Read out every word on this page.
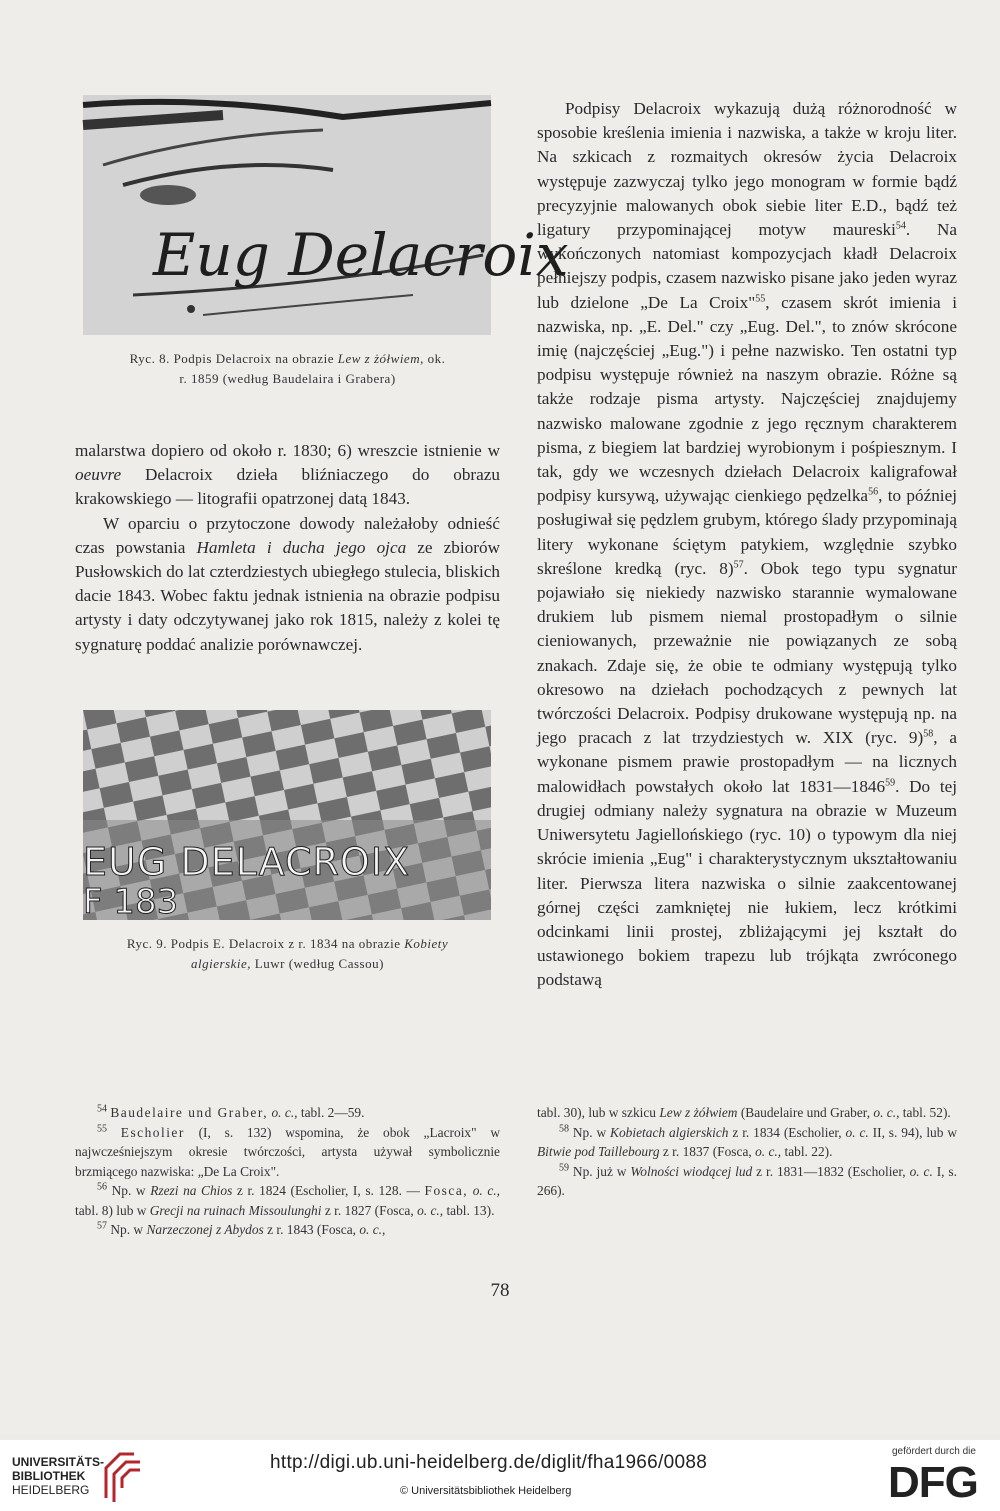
Eug Delacroix
Ryc. 8. Podpis Delacroix na obrazie Lew z żółwiem, ok.
r. 1859 (według Baudelaira i Grabera)

malarstwa dopiero od około r. 1830; 6) wreszcie istnienie w oeuvre Delacroix dzieła bliźniaczego do obrazu krakowskiego — litografii opatrzonej datą 1843.

W oparciu o przytoczone dowody należałoby odnieść czas powstania Hamleta i ducha jego ojca ze zbiorów Pusłowskich do lat czterdziestych ubiegłego stulecia, bliskich dacie 1843. Wobec faktu jednak istnienia na obrazie podpisu artysty i daty odczytywanej jako rok 1815, należy z kolei tę sygnaturę poddać analizie porównawczej.

EUG DELACROIX
F 183
Ryc. 9. Podpis E. Delacroix z r. 1834 na obrazie Kobiety
algierskie, Luwr (według Cassou)

Podpisy Delacroix wykazują dużą różnorodność w sposobie kreślenia imienia i nazwiska, a także w kroju liter. Na szkicach z rozmaitych okresów życia Delacroix występuje zazwyczaj tylko jego monogram w formie bądź precyzyjnie malowanych obok siebie liter E.D., bądź też ligatury przypominającej motyw maureski$^{54}$. Na wykończonych natomiast kompozycjach kładł Delacroix pełniejszy podpis, czasem nazwisko pisane jako jeden wyraz lub dzielone „De La Croix"$^{55}$, czasem skrót imienia i nazwiska, np. „E. Del." czy „Eug. Del.", to znów skrócone imię (najczęściej „Eug.") i pełne nazwisko. Ten ostatni typ podpisu występuje również na naszym obrazie. Różne są także rodzaje pisma artysty. Najczęściej znajdujemy nazwisko malowane zgodnie z jego ręcznym charakterem pisma, z biegiem lat bardziej wyrobionym i pośpiesznym. I tak, gdy we wczesnych dziełach Delacroix kaligrafował podpisy kursywą, używając cienkiego pędzelka$^{56}$, to później posługiwał się pędzlem grubym, którego ślady przypominają litery wykonane ściętym patykiem, względnie szybko skreślone kredką (ryc. 8)$^{57}$. Obok tego typu sygnatur pojawiało się niekiedy nazwisko starannie wymalowane drukiem lub pismem niemal prostopadłym o silnie cieniowanych, przeważnie nie powiązanych ze sobą znakach. Zdaje się, że obie te odmiany występują tylko okresowo na dziełach pochodzących z pewnych lat twórczości Delacroix. Podpisy drukowane występują np. na jego pracach z lat trzydziestych w. XIX (ryc. 9)$^{58}$, a wykonane pismem prawie prostopadłym — na licznych malowidłach powstałych około lat 1831—1846$^{59}$. Do tej drugiej odmiany należy sygnatura na obrazie w Muzeum Uniwersytetu Jagiellońskiego (ryc. 10) o typowym dla niej skrócie imienia „Eug" i charakterystycznym ukształtowaniu liter. Pierwsza litera nazwiska o silnie zaakcentowanej górnej części zamkniętej nie łukiem, lecz krótkimi odcinkami linii prostej, zbliżającymi jej kształt do ustawionego bokiem trapezu lub trójkąta zwróconego podstawą

$^{54}$ Baudelaire und Graber, o. c., tabl. 2—59.

$^{55}$ Escholier (I, s. 132) wspomina, że obok „Lacroix" w najwcześniejszym okresie twórczości, artysta używał symbolicznie brzmiącego nazwiska: „De La Croix".

$^{56}$ Np. w Rzezi na Chios z r. 1824 (Escholier, I, s. 128. — Fosca, o. c., tabl. 8) lub w Grecji na ruinach Missoulunghi z r. 1827 (Fosca, o. c., tabl. 13).

$^{57}$ Np. w Narzeczonej z Abydos z r. 1843 (Fosca, o. c.,

tabl. 30), lub w szkicu Lew z żółwiem (Baudelaire und Graber, o. c., tabl. 52).

$^{58}$ Np. w Kobietach algierskich z r. 1834 (Escholier, o. c. II, s. 94), lub w Bitwie pod Taillebourg z r. 1837 (Fosca, o. c., tabl. 22).

$^{59}$ Np. już w Wolności wiodącej lud z r. 1831—1832 (Escholier, o. c. I, s. 266).

78
UNIVERSITÄTS-
BIBLIOTHEK
HEIDELBERG
http://digi.ub.uni-heidelberg.de/diglit/fha1966/0088
© Universitätsbibliothek Heidelberg
gefördert durch die
DFG
